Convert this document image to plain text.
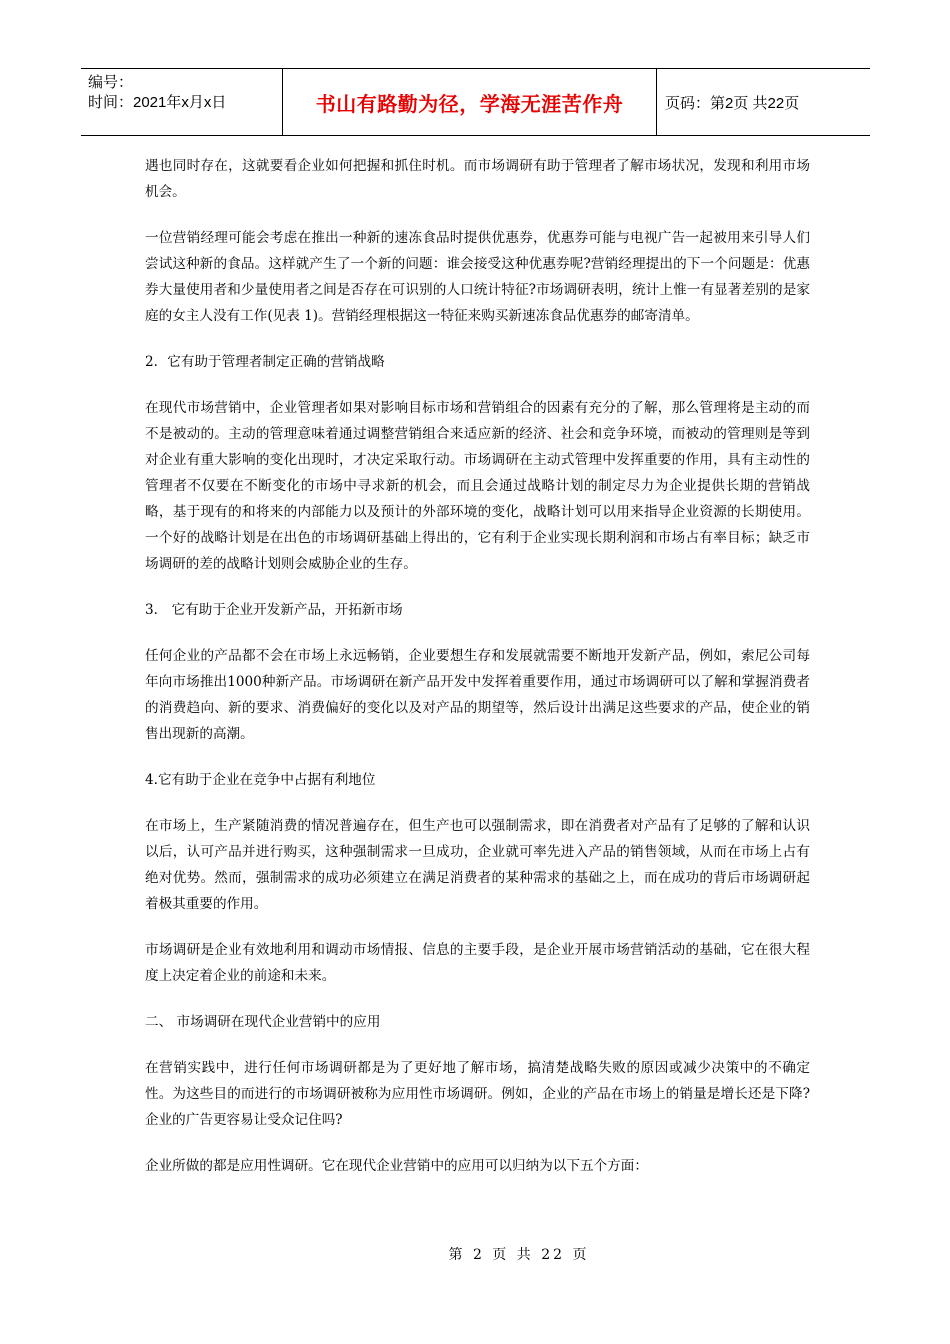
编号：
时间：2021年x月x日	书山有路勤为径，学海无涯苦作舟	页码：第2页 共22页

遇也同时存在，这就要看企业如何把握和抓住时机。而市场调研有助于管理者了解市场状况，发现和利用市场机会。

一位营销经理可能会考虑在推出一种新的速冻食品时提供优惠券，优惠券可能与电视广告一起被用来引导人们尝试这种新的食品。这样就产生了一个新的问题：谁会接受这种优惠券呢?营销经理提出的下一个问题是：优惠券大量使用者和少量使用者之间是否存在可识别的人口统计特征?市场调研表明，统计上惟一有显著差别的是家庭的女主人没有工作(见表 1)。营销经理根据这一特征来购买新速冻食品优惠券的邮寄清单。

2．它有助于管理者制定正确的营销战略

在现代市场营销中，企业管理者如果对影响目标市场和营销组合的因素有充分的了解，那么管理将是主动的而不是被动的。主动的管理意味着通过调整营销组合来适应新的经济、社会和竞争环境，而被动的管理则是等到对企业有重大影响的变化出现时，才决定采取行动。市场调研在主动式管理中发挥重要的作用，具有主动性的管理者不仅要在不断变化的市场中寻求新的机会，而且会通过战略计划的制定尽力为企业提供长期的营销战略，基于现有的和将来的内部能力以及预计的外部环境的变化，战略计划可以用来指导企业资源的长期使用。一个好的战略计划是在出色的市场调研基础上得出的，它有利于企业实现长期利润和市场占有率目标；缺乏市场调研的差的战略计划则会威胁企业的生存。

3． 它有助于企业开发新产品，开拓新市场

任何企业的产品都不会在市场上永远畅销，企业要想生存和发展就需要不断地开发新产品，例如，索尼公司每年向市场推出1000种新产品。市场调研在新产品开发中发挥着重要作用，通过市场调研可以了解和掌握消费者的消费趋向、新的要求、消费偏好的变化以及对产品的期望等，然后设计出满足这些要求的产品，使企业的销售出现新的高潮。

4.它有助于企业在竞争中占据有利地位

在市场上，生产紧随消费的情况普遍存在，但生产也可以强制需求，即在消费者对产品有了足够的了解和认识以后，认可产品并进行购买，这种强制需求一旦成功，企业就可率先进入产品的销售领域，从而在市场上占有绝对优势。然而，强制需求的成功必须建立在满足消费者的某种需求的基础之上，而在成功的背后市场调研起着极其重要的作用。

市场调研是企业有效地利用和调动市场情报、信息的主要手段，是企业开展市场营销活动的基础，它在很大程度上决定着企业的前途和未来。

二、 市场调研在现代企业营销中的应用

在营销实践中，进行任何市场调研都是为了更好地了解市场，搞清楚战略失败的原因或减少决策中的不确定性。为这些目的而进行的市场调研被称为应用性市场调研。例如，企业的产品在市场上的销量是增长还是下降?企业的广告更容易让受众记住吗?

企业所做的都是应用性调研。它在现代企业营销中的应用可以归纳为以下五个方面：

第 2 页 共 22 页
